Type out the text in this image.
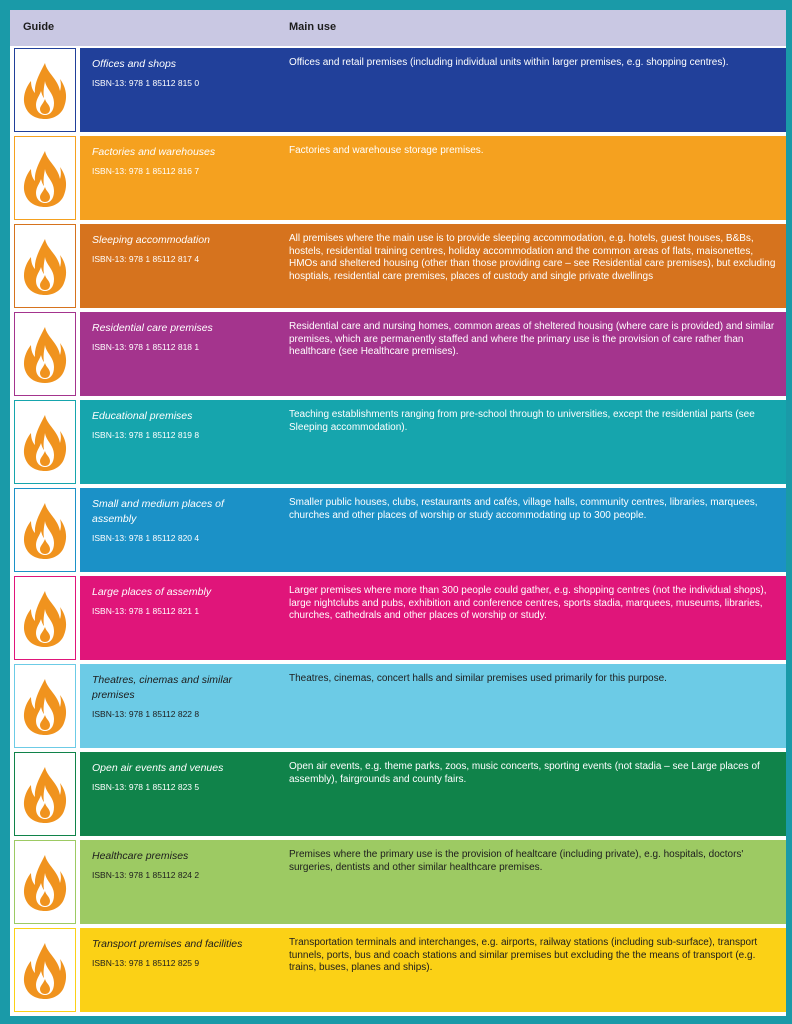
Guide	Main use
Offices and shops
ISBN-13: 978 1 85112 815 0
Offices and retail premises (including individual units within larger premises, e.g. shopping centres).
Factories and warehouses
ISBN-13: 978 1 85112 816 7
Factories and warehouse storage premises.
Sleeping accommodation
ISBN-13: 978 1 85112 817 4
All premises where the main use is to provide sleeping accommodation, e.g. hotels, guest houses, B&Bs, hostels, residential training centres, holiday accommodation and the common areas of flats, maisonettes, HMOs and sheltered housing (other than those providing care – see Residential care premises), but excluding hosptials, residential care premises, places of custody and single private dwellings
Residential care premises
ISBN-13: 978 1 85112 818 1
Residential care and nursing homes, common areas of sheltered housing (where care is provided) and similar premises, which are permanently staffed and where the primary use is the provision of care rather than healthcare (see Healthcare premises).
Educational premises
ISBN-13: 978 1 85112 819 8
Teaching establishments ranging from pre-school through to universities, except the residential parts (see Sleeping accommodation).
Small and medium places of assembly
ISBN-13: 978 1 85112 820 4
Smaller public houses, clubs, restaurants and cafés, village halls, community centres, libraries, marquees, churches and other places of worship or study accommodating up to 300 people.
Large places of assembly
ISBN-13: 978 1 85112 821 1
Larger premises where more than 300 people could gather, e.g. shopping centres (not the individual shops), large nightclubs and pubs, exhibition and conference centres, sports stadia, marquees, museums, libraries, churches, cathedrals and other places of worship or study.
Theatres, cinemas and similar premises
ISBN-13: 978 1 85112 822 8
Theatres, cinemas, concert halls and similar premises used primarily for this purpose.
Open air events and venues
ISBN-13: 978 1 85112 823 5
Open air events, e.g. theme parks, zoos, music concerts, sporting events (not stadia – see Large places of assembly), fairgrounds and county fairs.
Healthcare premises
ISBN-13: 978 1 85112 824 2
Premises where the primary use is the provision of healtcare (including private), e.g. hospitals, doctors' surgeries, dentists and other similar healthcare premises.
Transport premises and facilities
ISBN-13: 978 1 85112 825 9
Transportation terminals and interchanges, e.g. airports, railway stations (including sub-surface), transport tunnels, ports, bus and coach stations and similar premises but excluding the the means of transport (e.g. trains, buses, planes and ships).
